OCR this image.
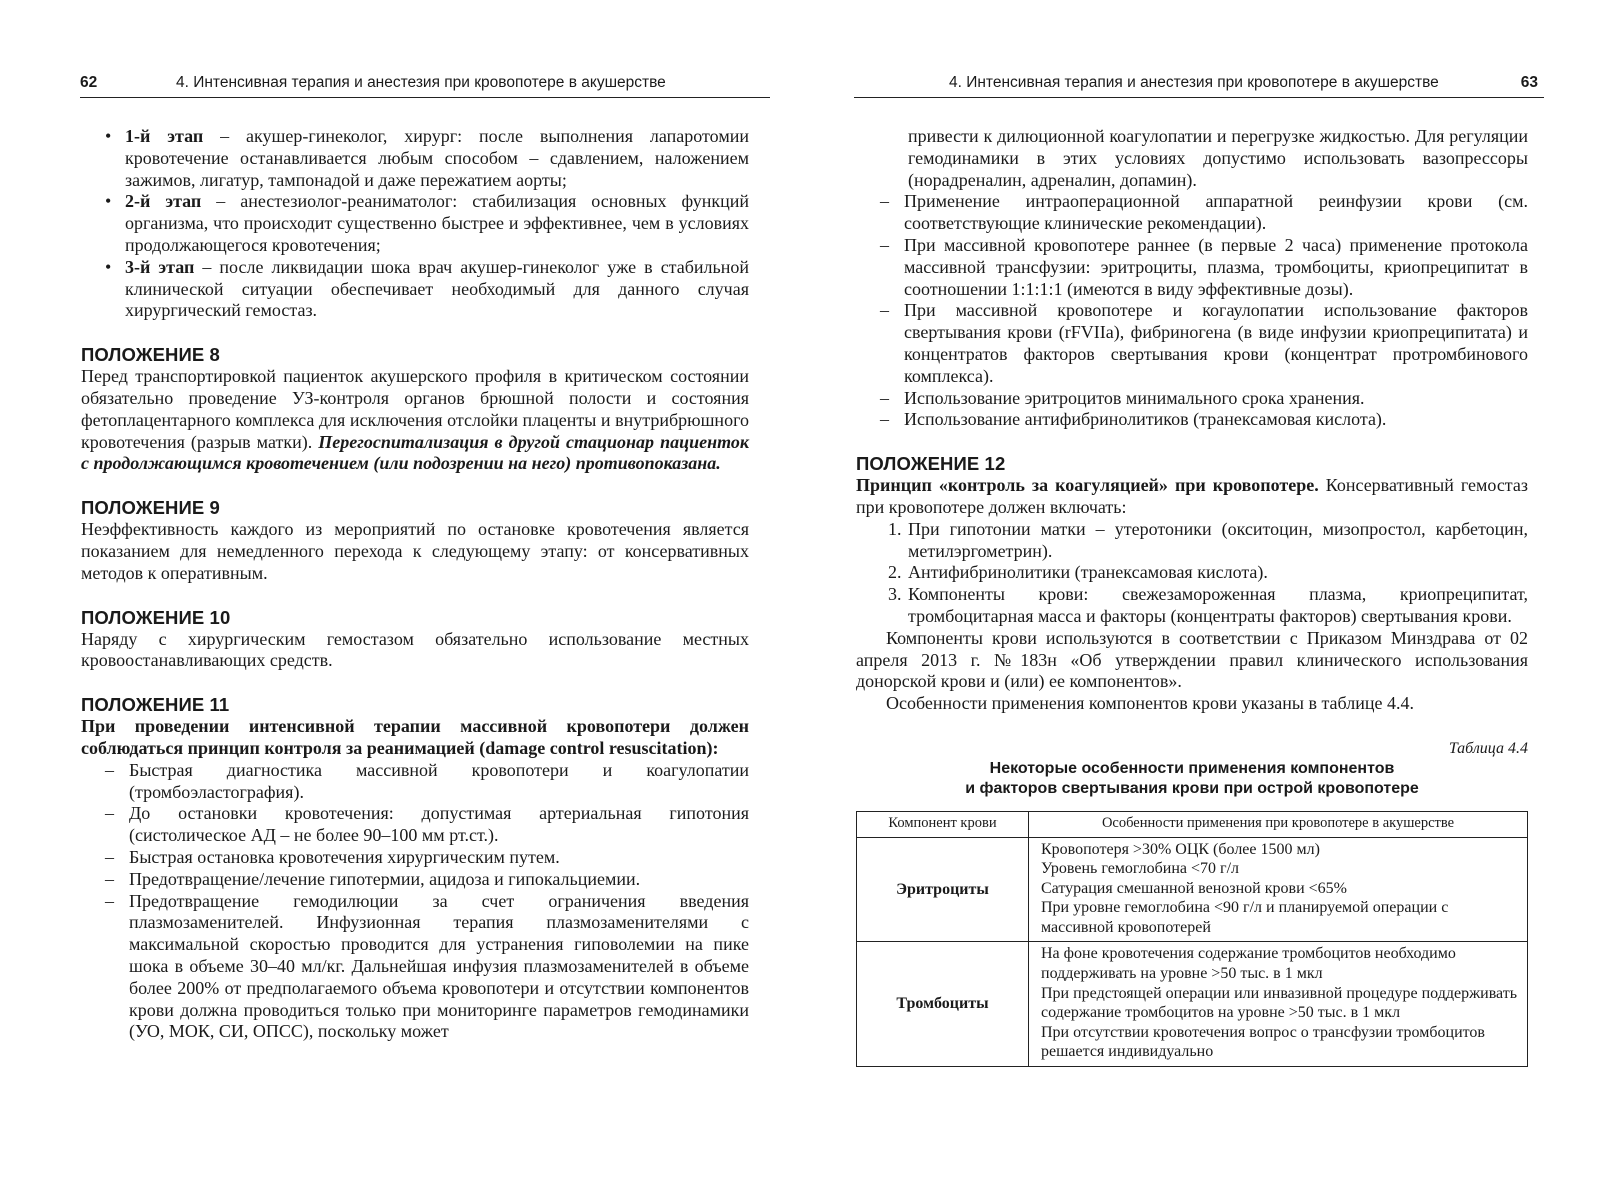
62	4. Интенсивная терапия и анестезия при кровопотере в акушерстве
• 1-й этап – акушер-гинеколог, хирург: после выполнения лапаротомии кровотечение останавливается любым способом – сдавлением, наложением зажимов, лигатур, тампонадой и даже пережатием аорты;
• 2-й этап – анестезиолог-реаниматолог: стабилизация основных функций организма, что происходит существенно быстрее и эффективнее, чем в условиях продолжающегося кровотечения;
• 3-й этап – после ликвидации шока врач акушер-гинеколог уже в стабильной клинической ситуации обеспечивает необходимый для данного случая хирургический гемостаз.
ПОЛОЖЕНИЕ 8

Перед транспортировкой пациенток акушерского профиля в критическом состоянии обязательно проведение УЗ-контроля органов брюшной полости и состояния фетоплацентарного комплекса для исключения отслойки плаценты и внутрибрюшного кровотечения (разрыв матки). Перегоспитализация в другой стационар пациенток с продолжающимся кровотечением (или подозрении на него) противопоказана.

ПОЛОЖЕНИЕ 9

Неэффективность каждого из мероприятий по остановке кровотечения является показанием для немедленного перехода к следующему этапу: от консервативных методов к оперативным.

ПОЛОЖЕНИЕ 10

Наряду с хирургическим гемостазом обязательно использование местных кровоостанавливающих средств.

ПОЛОЖЕНИЕ 11

При проведении интенсивной терапии массивной кровопотери должен соблюдаться принцип контроля за реанимацией (damage control resuscitation):

– Быстрая диагностика массивной кровопотери и коагулопатии (тромбоэластография).
– До остановки кровотечения: допустимая артериальная гипотония (систолическое АД – не более 90–100 мм рт.ст.).
– Быстрая остановка кровотечения хирургическим путем.
– Предотвращение/лечение гипотермии, ацидоза и гипокальциемии.
– Предотвращение гемодилюции за счет ограничения введения плазмозаменителей. Инфузионная терапия плазмозаменителями с максимальной скоростью проводится для устранения гиповолемии на пике шока в объеме 30–40 мл/кг. Дальнейшая инфузия плазмозаменителей в объеме более 200% от предполагаемого объема кровопотери и отсутствии компонентов крови должна проводиться только при мониторинге параметров гемодинамики (УО, МОК, СИ, ОПСС), поскольку может
4. Интенсивная терапия и анестезия при кровопотере в акушерстве	63

привести к дилюционной коагулопатии и перегрузке жидкостью. Для регуляции гемодинамики в этих условиях допустимо использовать вазопрессоры (норадреналин, адреналин, допамин).

– Применение интраоперационной аппаратной реинфузии крови (см. соответствующие клинические рекомендации).
– При массивной кровопотере раннее (в первые 2 часа) применение протокола массивной трансфузии: эритроциты, плазма, тромбоциты, криопреципитат в соотношении 1:1:1:1 (имеются в виду эффективные дозы).
– При массивной кровопотере и когаулопатии использование факторов свертывания крови (rFVIIa), фибриногена (в виде инфузии криопреципитата) и концентратов факторов свертывания крови (концентрат протромбинового комплекса).
– Использование эритроцитов минимального срока хранения.
– Использование антифибринолитиков (транексамовая кислота).
ПОЛОЖЕНИЕ 12

Принцип «контроль за коагуляцией» при кровопотере. Консервативный гемостаз при кровопотере должен включать:

1. При гипотонии матки – утеротоники (окситоцин, мизопростол, карбетоцин, метилэргометрин).
2. Антифибринолитики (транексамовая кислота).
3. Компоненты крови: свежезамороженная плазма, криопреципитат, тромбоцитарная масса и факторы (концентраты факторов) свертывания крови.

Компоненты крови используются в соответствии с Приказом Минздрава от 02 апреля 2013 г. №183н «Об утверждении правил клинического использования донорской крови и (или) ее компонентов».

Особенности применения компонентов крови указаны в таблице 4.4.

Таблица 4.4
Некоторые особенности применения компонентов
и факторов свертывания крови при острой кровопотере
Компонент крови	Особенности применения при кровопотере в акушерстве
Эритроциты	Кровопотеря >30% ОЦК (более 1500 мл)
Уровень гемоглобина <70 г/л
Сатурация смешанной венозной крови <65%
При уровне гемоглобина <90 г/л и планируемой операции с массивной кровопотерей

Тромбоциты	На фоне кровотечения содержание тромбоцитов необходимо поддерживать на уровне >50 тыс. в 1 мкл
При предстоящей операции или инвазивной процедуре поддерживать содержание тромбоцитов на уровне >50 тыс. в 1 мкл
При отсутствии кровотечения вопрос о трансфузии тромбоцитов решается индивидуально
